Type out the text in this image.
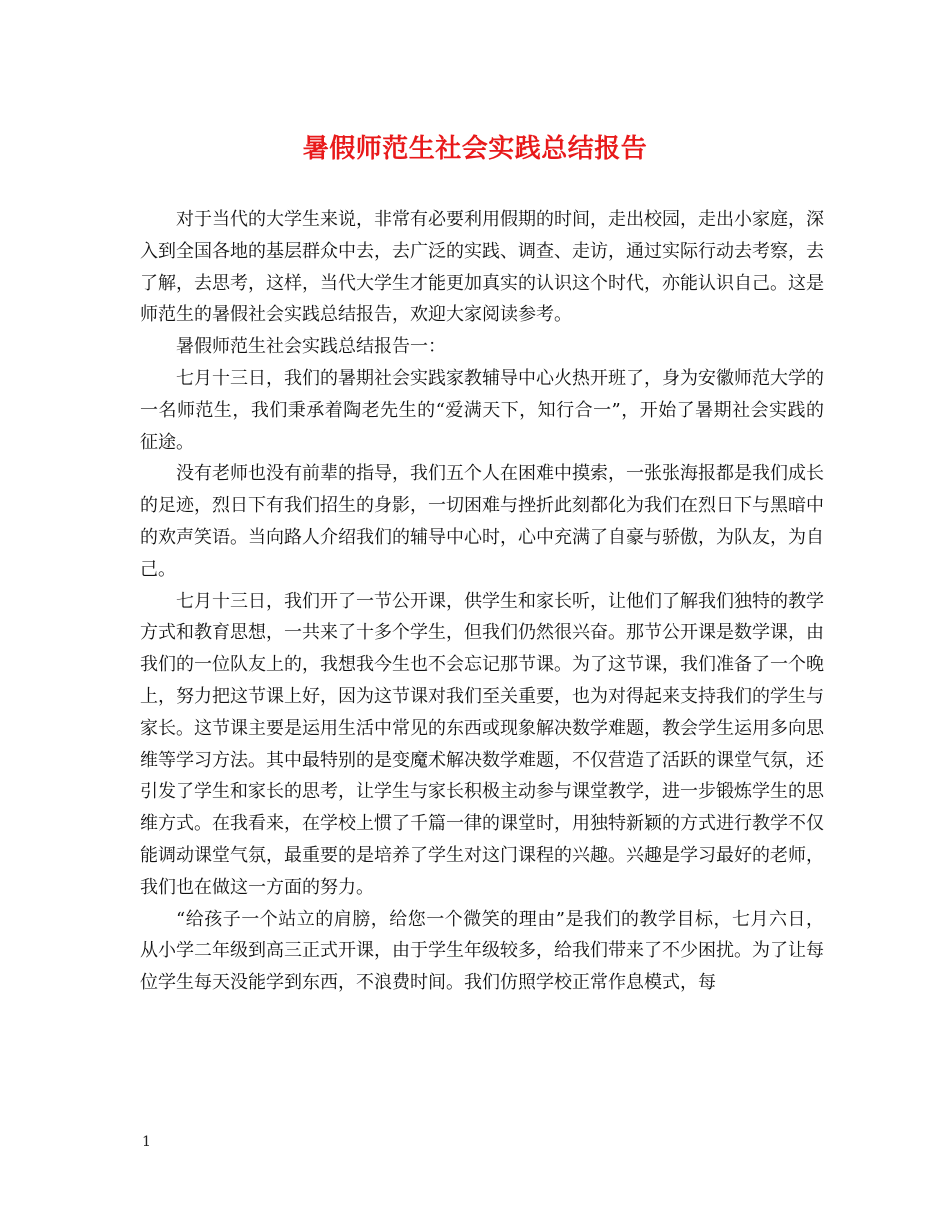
暑假师范生社会实践总结报告

对于当代的大学生来说，非常有必要利用假期的时间，走出校园，走出小家庭，深入到全国各地的基层群众中去，去广泛的实践、调查、走访，通过实际行动去考察，去了解，去思考，这样，当代大学生才能更加真实的认识这个时代，亦能认识自己。这是师范生的暑假社会实践总结报告，欢迎大家阅读参考。

暑假师范生社会实践总结报告一：

七月十三日，我们的暑期社会实践家教辅导中心火热开班了，身为安徽师范大学的一名师范生，我们秉承着陶老先生的“爱满天下，知行合一”，开始了暑期社会实践的征途。

没有老师也没有前辈的指导，我们五个人在困难中摸索，一张张海报都是我们成长的足迹，烈日下有我们招生的身影，一切困难与挫折此刻都化为我们在烈日下与黑暗中的欢声笑语。当向路人介绍我们的辅导中心时，心中充满了自豪与骄傲，为队友，为自己。

七月十三日，我们开了一节公开课，供学生和家长听，让他们了解我们独特的教学方式和教育思想，一共来了十多个学生，但我们仍然很兴奋。那节公开课是数学课，由我们的一位队友上的，我想我今生也不会忘记那节课。为了这节课，我们准备了一个晚上，努力把这节课上好，因为这节课对我们至关重要，也为对得起来支持我们的学生与家长。这节课主要是运用生活中常见的东西或现象解决数学难题，教会学生运用多向思维等学习方法。其中最特别的是变魔术解决数学难题，不仅营造了活跃的课堂气氛，还引发了学生和家长的思考，让学生与家长积极主动参与课堂教学，进一步锻炼学生的思维方式。在我看来，在学校上惯了千篇一律的课堂时，用独特新颖的方式进行教学不仅能调动课堂气氛，最重要的是培养了学生对这门课程的兴趣。兴趣是学习最好的老师，我们也在做这一方面的努力。

“给孩子一个站立的肩膀，给您一个微笑的理由”是我们的教学目标，七月六日，从小学二年级到高三正式开课，由于学生年级较多，给我们带来了不少困扰。为了让每位学生每天没能学到东西，不浪费时间。我们仿照学校正常作息模式，每

1
